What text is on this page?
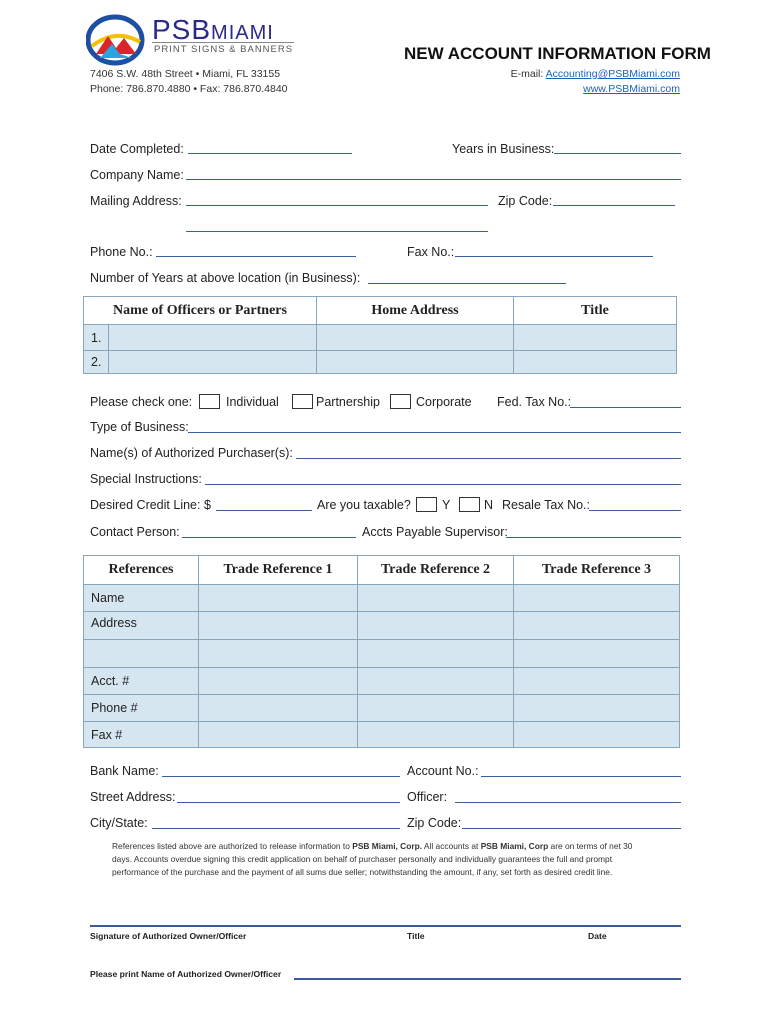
PSBMIAMI
PRINT SIGNS & BANNERS	NEW ACCOUNT INFORMATION FORM
7406 S.W. 48th Street • Miami, FL 33155
Phone: 786.870.4880 • Fax: 786.870.4840
E-mail: Accounting@PSBMiami.com
www.PSBMiami.com
Date Completed:	Years in Business:
Company Name:
Mailing Address:	Zip Code:
Phone No.:	Fax No.:
Number of Years at above location (in Business):
Name of Officers or Partners	Home Address	Title
1.

2.

Please check one:	Individual	Partnership	Corporate Fed. Tax No.:
Type of Business:
Name(s) of Authorized Purchaser(s):
Special Instructions:
Desired Credit Line: $	Are you taxable? Y	N Resale Tax No.:
Contact Person:	Accts Payable Supervisor:
References	Trade Reference 1	Trade Reference 2	Trade Reference 3
Name			
Address			

Acct. #			
Phone #			
Fax #			
Bank Name:	Account No.:
Street Address:	Officer:
City/State:	Zip Code:
References listed above are authorized to release information to PSB Miami, Corp. All accounts at PSB Miami, Corp are on terms of net 30 days. Accounts overdue signing this credit application on behalf of purchaser personally and individually guarantees the full and prompt performance of the purchase and the payment of all sums due seller; notwithstanding the amount, if any, set forth as desired credit line.
Signature of Authorized Owner/Officer	Title	Date
Please print Name of Authorized Owner/Officer
